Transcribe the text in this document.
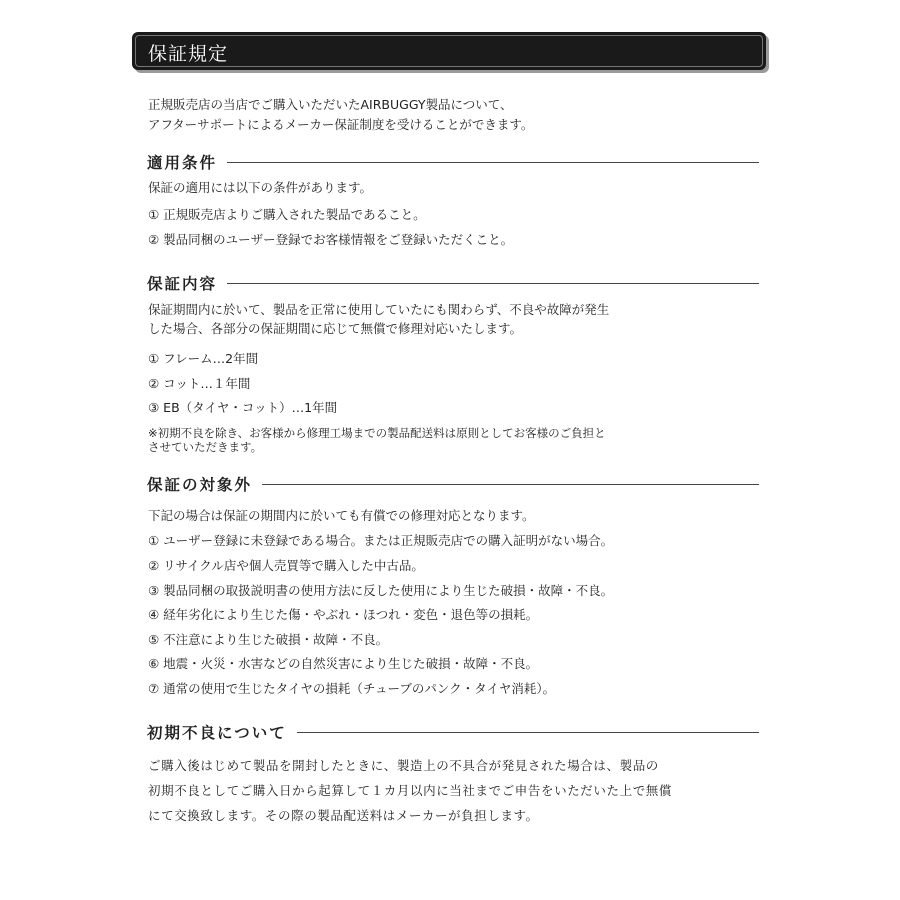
保証規定
正規販売店の当店でご購入いただいたAIRBUGGY製品について、
アフターサポートによるメーカー保証制度を受けることができます。
適用条件
保証の適用には以下の条件があります。
① 正規販売店よりご購入された製品であること。
② 製品同梱のユーザー登録でお客様情報をご登録いただくこと。
保証内容
保証期間内に於いて、製品を正常に使用していたにも関わらず、不良や故障が発生
した場合、各部分の保証期間に応じて無償で修理対応いたします。
① フレーム…2年間
② コット…１年間
③ EB（タイヤ・コット）…1年間
※初期不良を除き、お客様から修理工場までの製品配送料は原則としてお客様のご負担と
させていただきます。
保証の対象外
下記の場合は保証の期間内に於いても有償での修理対応となります。
① ユーザー登録に未登録である場合。または正規販売店での購入証明がない場合。
② リサイクル店や個人売買等で購入した中古品。
③ 製品同梱の取扱説明書の使用方法に反した使用により生じた破損・故障・不良。
④ 経年劣化により生じた傷・やぶれ・ほつれ・変色・退色等の損耗。
⑤ 不注意により生じた破損・故障・不良。
⑥ 地震・火災・水害などの自然災害により生じた破損・故障・不良。
⑦ 通常の使用で生じたタイヤの損耗（チューブのパンク・タイヤ消耗）。
初期不良について
ご購入後はじめて製品を開封したときに、製造上の不具合が発見された場合は、製品の
初期不良としてご購入日から起算して１カ月以内に当社までご申告をいただいた上で無償
にて交換致します。その際の製品配送料はメーカーが負担します。
